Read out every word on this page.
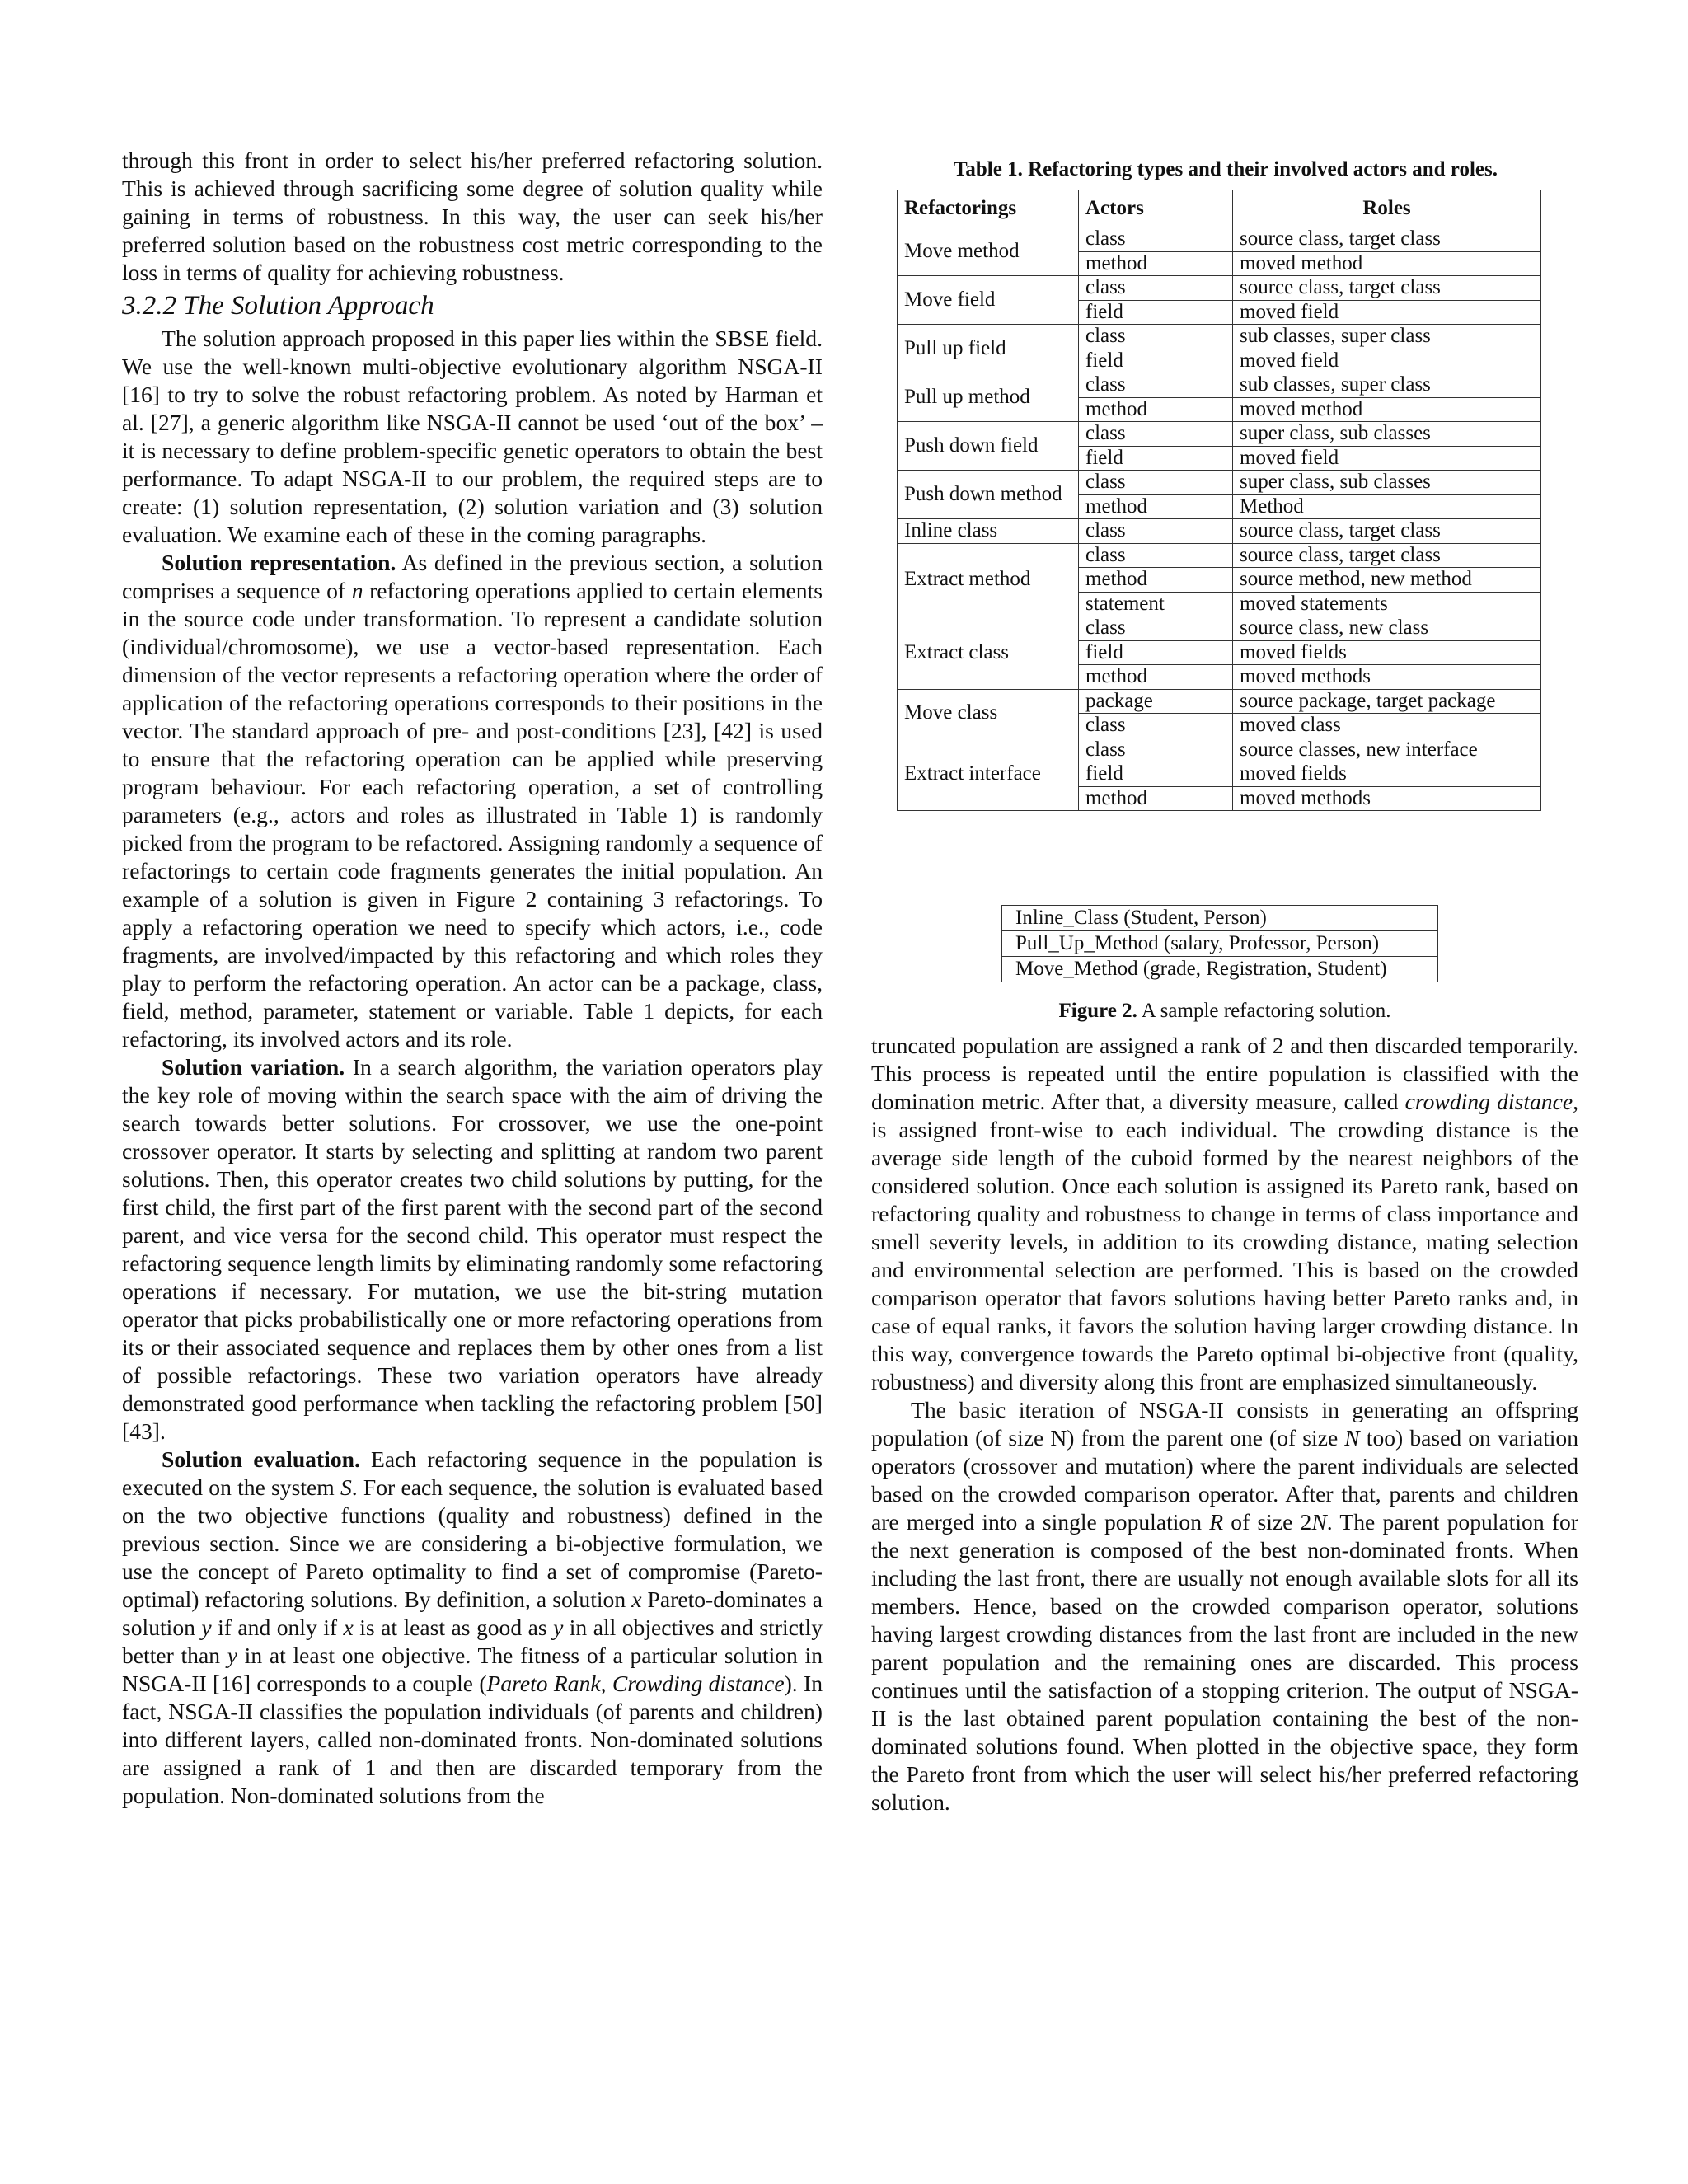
through this front in order to select his/her preferred refactoring solution. This is achieved through sacrificing some degree of solution quality while gaining in terms of robustness. In this way, the user can seek his/her preferred solution based on the robustness cost metric corresponding to the loss in terms of quality for achieving robustness.

3.2.2 The Solution Approach

The solution approach proposed in this paper lies within the SBSE field. We use the well-known multi-objective evolutionary algorithm NSGA-II [16] to try to solve the robust refactoring problem. As noted by Harman et al. [27], a generic algorithm like NSGA-II cannot be used ‘out of the box’ – it is necessary to define problem-specific genetic operators to obtain the best performance. To adapt NSGA-II to our problem, the required steps are to create: (1) solution representation, (2) solution variation and (3) solution evaluation. We examine each of these in the coming paragraphs.

Solution representation. As defined in the previous section, a solution comprises a sequence of n refactoring operations applied to certain elements in the source code under transformation. To represent a candidate solution (individual/chromosome), we use a vector-based representation. Each dimension of the vector represents a refactoring operation where the order of application of the refactoring operations corresponds to their positions in the vector. The standard approach of pre- and post-conditions [23], [42] is used to ensure that the refactoring operation can be applied while preserving program behaviour. For each refactoring operation, a set of controlling parameters (e.g., actors and roles as illustrated in Table 1) is randomly picked from the program to be refactored. Assigning randomly a sequence of refactorings to certain code fragments generates the initial population. An example of a solution is given in Figure 2 containing 3 refactorings. To apply a refactoring operation we need to specify which actors, i.e., code fragments, are involved/impacted by this refactoring and which roles they play to perform the refactoring operation. An actor can be a package, class, field, method, parameter, statement or variable. Table 1 depicts, for each refactoring, its involved actors and its role.

Solution variation. In a search algorithm, the variation operators play the key role of moving within the search space with the aim of driving the search towards better solutions. For crossover, we use the one-point crossover operator. It starts by selecting and splitting at random two parent solutions. Then, this operator creates two child solutions by putting, for the first child, the first part of the first parent with the second part of the second parent, and vice versa for the second child. This operator must respect the refactoring sequence length limits by eliminating randomly some refactoring operations if necessary. For mutation, we use the bit-string mutation operator that picks probabilistically one or more refactoring operations from its or their associated sequence and replaces them by other ones from a list of possible refactorings. These two variation operators have already demonstrated good performance when tackling the refactoring problem [50][43].

Solution evaluation. Each refactoring sequence in the population is executed on the system S. For each sequence, the solution is evaluated based on the two objective functions (quality and robustness) defined in the previous section. Since we are considering a bi-objective formulation, we use the concept of Pareto optimality to find a set of compromise (Pareto-optimal) refactoring solutions. By definition, a solution x Pareto-dominates a solution y if and only if x is at least as good as y in all objectives and strictly better than y in at least one objective. The fitness of a particular solution in NSGA-II [16] corresponds to a couple (Pareto Rank, Crowding distance). In fact, NSGA-II classifies the population individuals (of parents and children) into different layers, called non-dominated fronts. Non-dominated solutions are assigned a rank of 1 and then are discarded temporary from the population. Non-dominated solutions from the

Table 1. Refactoring types and their involved actors and roles.
Refactorings	Actors	Roles
Move method	class	source class, target class
	method	moved method
Move field	class	source class, target class
	field	moved field
Pull up field	class	sub classes, super class
	field	moved field
Pull up method	class	sub classes, super class
	method	moved method
Push down field	class	super class, sub classes
	field	moved field
Push down method	class	super class, sub classes
	method	Method
Inline class	class	source class, target class
Extract method	class	source class, target class
	method	source method, new method
	statement	moved statements
Extract class	class	source class, new class
	field	moved fields
	method	moved methods
Move class	package	source package, target package
	class	moved class
Extract interface	class	source classes, new interface
	field	moved fields
	method	moved methods
Inline_Class (Student, Person)
Pull_Up_Method (salary, Professor, Person)
Move_Method (grade, Registration, Student)
Figure 2. A sample refactoring solution.

truncated population are assigned a rank of 2 and then discarded temporarily. This process is repeated until the entire population is classified with the domination metric. After that, a diversity measure, called crowding distance, is assigned front-wise to each individual. The crowding distance is the average side length of the cuboid formed by the nearest neighbors of the considered solution. Once each solution is assigned its Pareto rank, based on refactoring quality and robustness to change in terms of class importance and smell severity levels, in addition to its crowding distance, mating selection and environmental selection are performed. This is based on the crowded comparison operator that favors solutions having better Pareto ranks and, in case of equal ranks, it favors the solution having larger crowding distance. In this way, convergence towards the Pareto optimal bi-objective front (quality, robustness) and diversity along this front are emphasized simultaneously.

The basic iteration of NSGA-II consists in generating an offspring population (of size N) from the parent one (of size N too) based on variation operators (crossover and mutation) where the parent individuals are selected based on the crowded comparison operator. After that, parents and children are merged into a single population R of size 2N. The parent population for the next generation is composed of the best non-dominated fronts. When including the last front, there are usually not enough available slots for all its members. Hence, based on the crowded comparison operator, solutions having largest crowding distances from the last front are included in the new parent population and the remaining ones are discarded. This process continues until the satisfaction of a stopping criterion. The output of NSGA-II is the last obtained parent population containing the best of the non-dominated solutions found. When plotted in the objective space, they form the Pareto front from which the user will select his/her preferred refactoring solution.
